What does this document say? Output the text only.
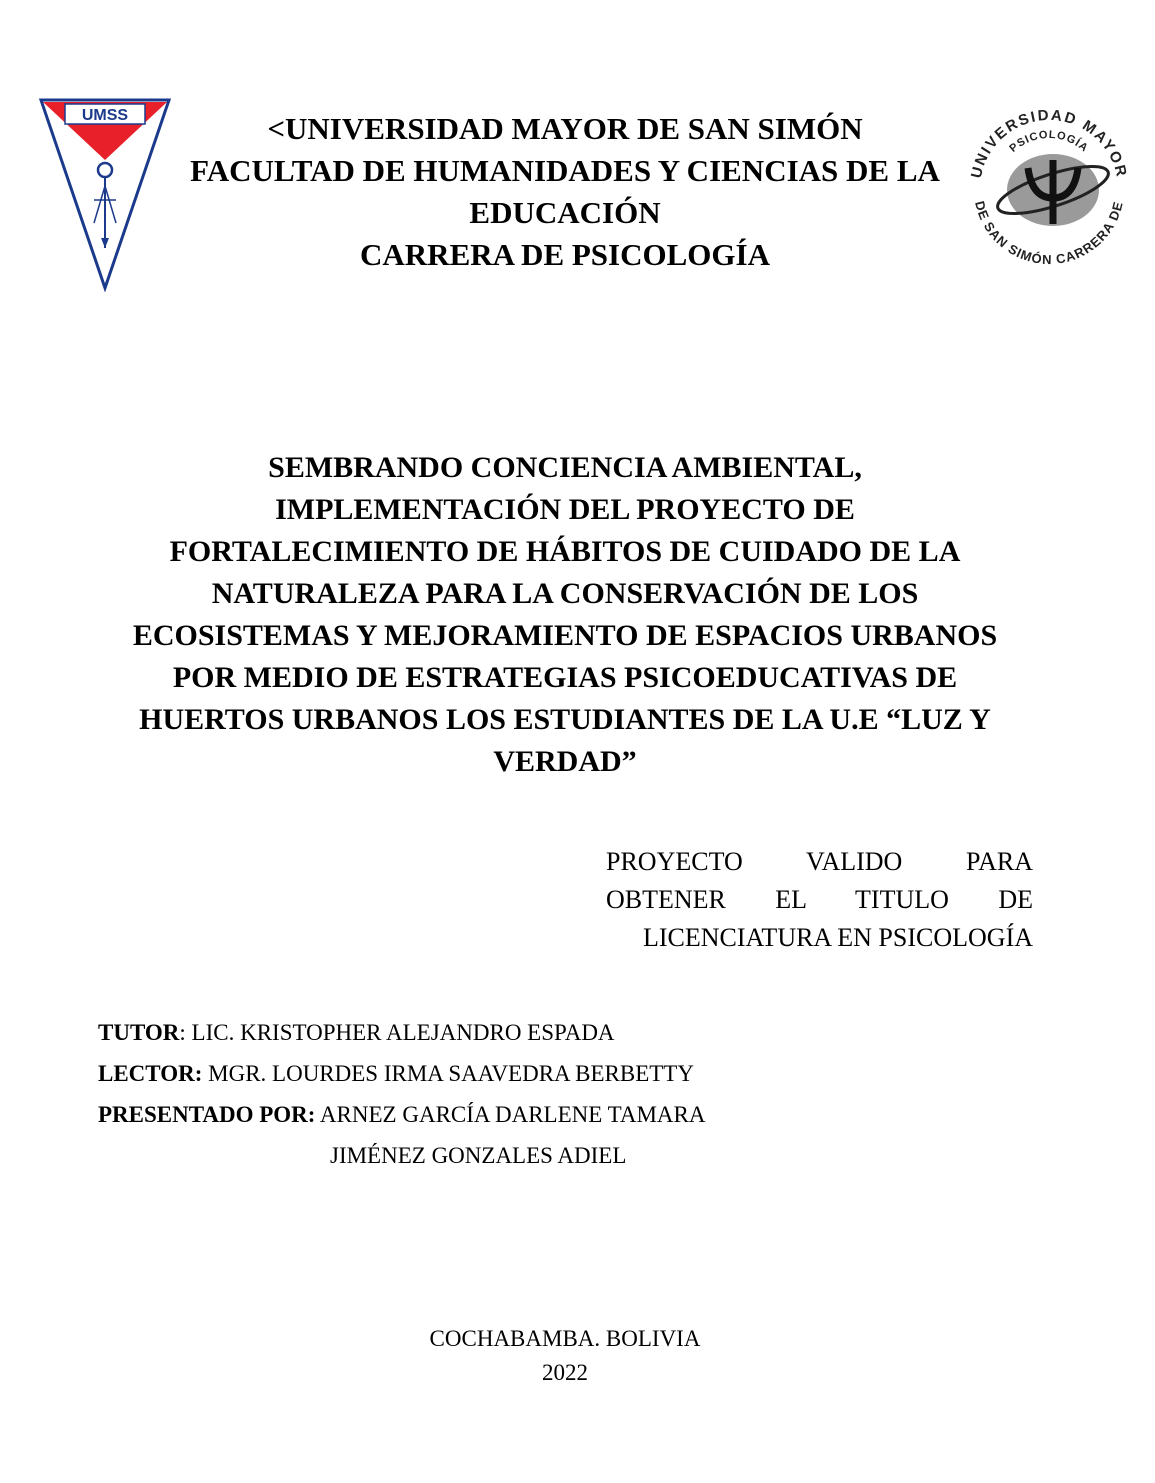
UMSS
UNIVERSIDAD MAYOR
PSICOLOGÍA
DE SAN SIMÓN CARRERA DE
<UNIVERSIDAD MAYOR DE SAN SIMÓN
FACULTAD DE HUMANIDADES Y CIENCIAS DE LA
EDUCACIÓN
CARRERA DE PSICOLOGÍA
SEMBRANDO CONCIENCIA AMBIENTAL,
IMPLEMENTACIÓN DEL PROYECTO DE
FORTALECIMIENTO DE HÁBITOS DE CUIDADO DE LA
NATURALEZA PARA LA CONSERVACIÓN DE LOS
ECOSISTEMAS Y MEJORAMIENTO DE ESPACIOS URBANOS
POR MEDIO DE ESTRATEGIAS PSICOEDUCATIVAS DE
HUERTOS URBANOS LOS ESTUDIANTES DE LA U.E “LUZ Y
VERDAD”
PROYECTO VALIDO PARA
OBTENER EL TITULO DE
LICENCIATURA EN PSICOLOGÍA
TUTOR: LIC. KRISTOPHER ALEJANDRO ESPADA
LECTOR: MGR. LOURDES IRMA SAAVEDRA BERBETTY
PRESENTADO POR: ARNEZ GARCÍA DARLENE TAMARA
JIMÉNEZ GONZALES ADIEL
COCHABAMBA. BOLIVIA
2022
